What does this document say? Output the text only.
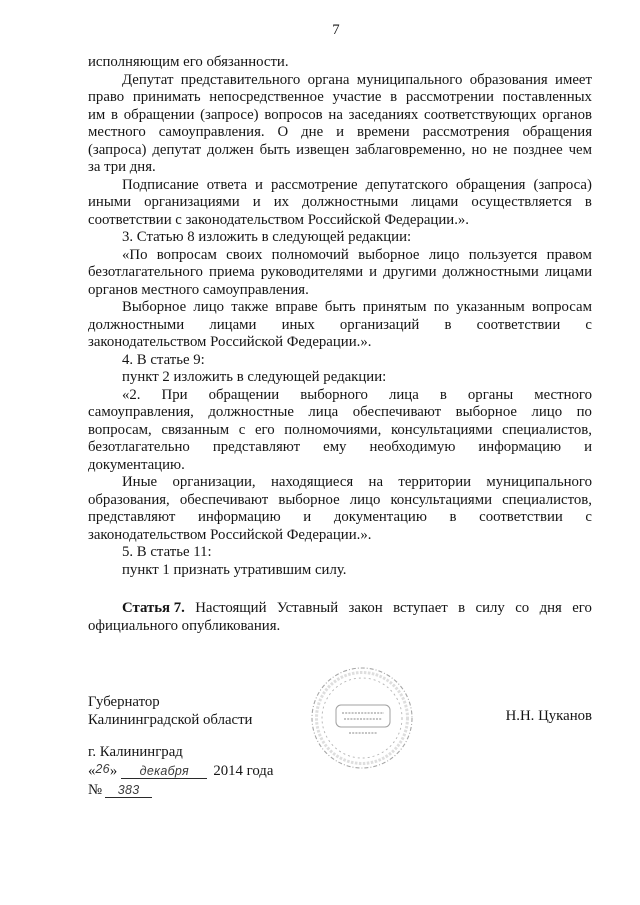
7
исполняющим его обязанности.
Депутат представительного органа муниципального образования имеет
право принимать непосредственное участие в рассмотрении поставленных
им в обращении (запросе) вопросов на заседаниях соответствующих органов
местного самоуправления. О дне и времени рассмотрения обращения
(запроса) депутат должен быть извещен заблаговременно, но не позднее чем
за три дня.
Подписание ответа и рассмотрение депутатского обращения (запроса)
иными организациями и их должностными лицами осуществляется в
соответствии с законодательством Российской Федерации.».
3. Статью 8 изложить в следующей редакции:
«По вопросам своих полномочий выборное лицо пользуется правом
безотлагательного приема руководителями и другими должностными лицами
органов местного самоуправления.
Выборное лицо также вправе быть принятым по указанным вопросам
должностными лицами иных организаций в соответствии с
законодательством Российской Федерации.».
4. В статье 9:
пункт 2 изложить в следующей редакции:
«2. При обращении выборного лица в органы местного
самоуправления, должностные лица обеспечивают выборное лицо по
вопросам, связанным с его полномочиями, консультациями специалистов,
безотлагательно представляют ему необходимую информацию и
документацию.
Иные организации, находящиеся на территории муниципального
образования, обеспечивают выборное лицо консультациями специалистов,
представляют информацию и документацию в соответствии с
законодательством Российской Федерации.».
5. В статье 11:
пункт 1 признать утратившим силу.
Статья 7. Настоящий Уставный закон вступает в силу со дня его
официального опубликования.
Губернатор
Калининградской области	Н.Н. Цуканов
г. Калининград
« 26 »	декабря	2014 года
№	383
